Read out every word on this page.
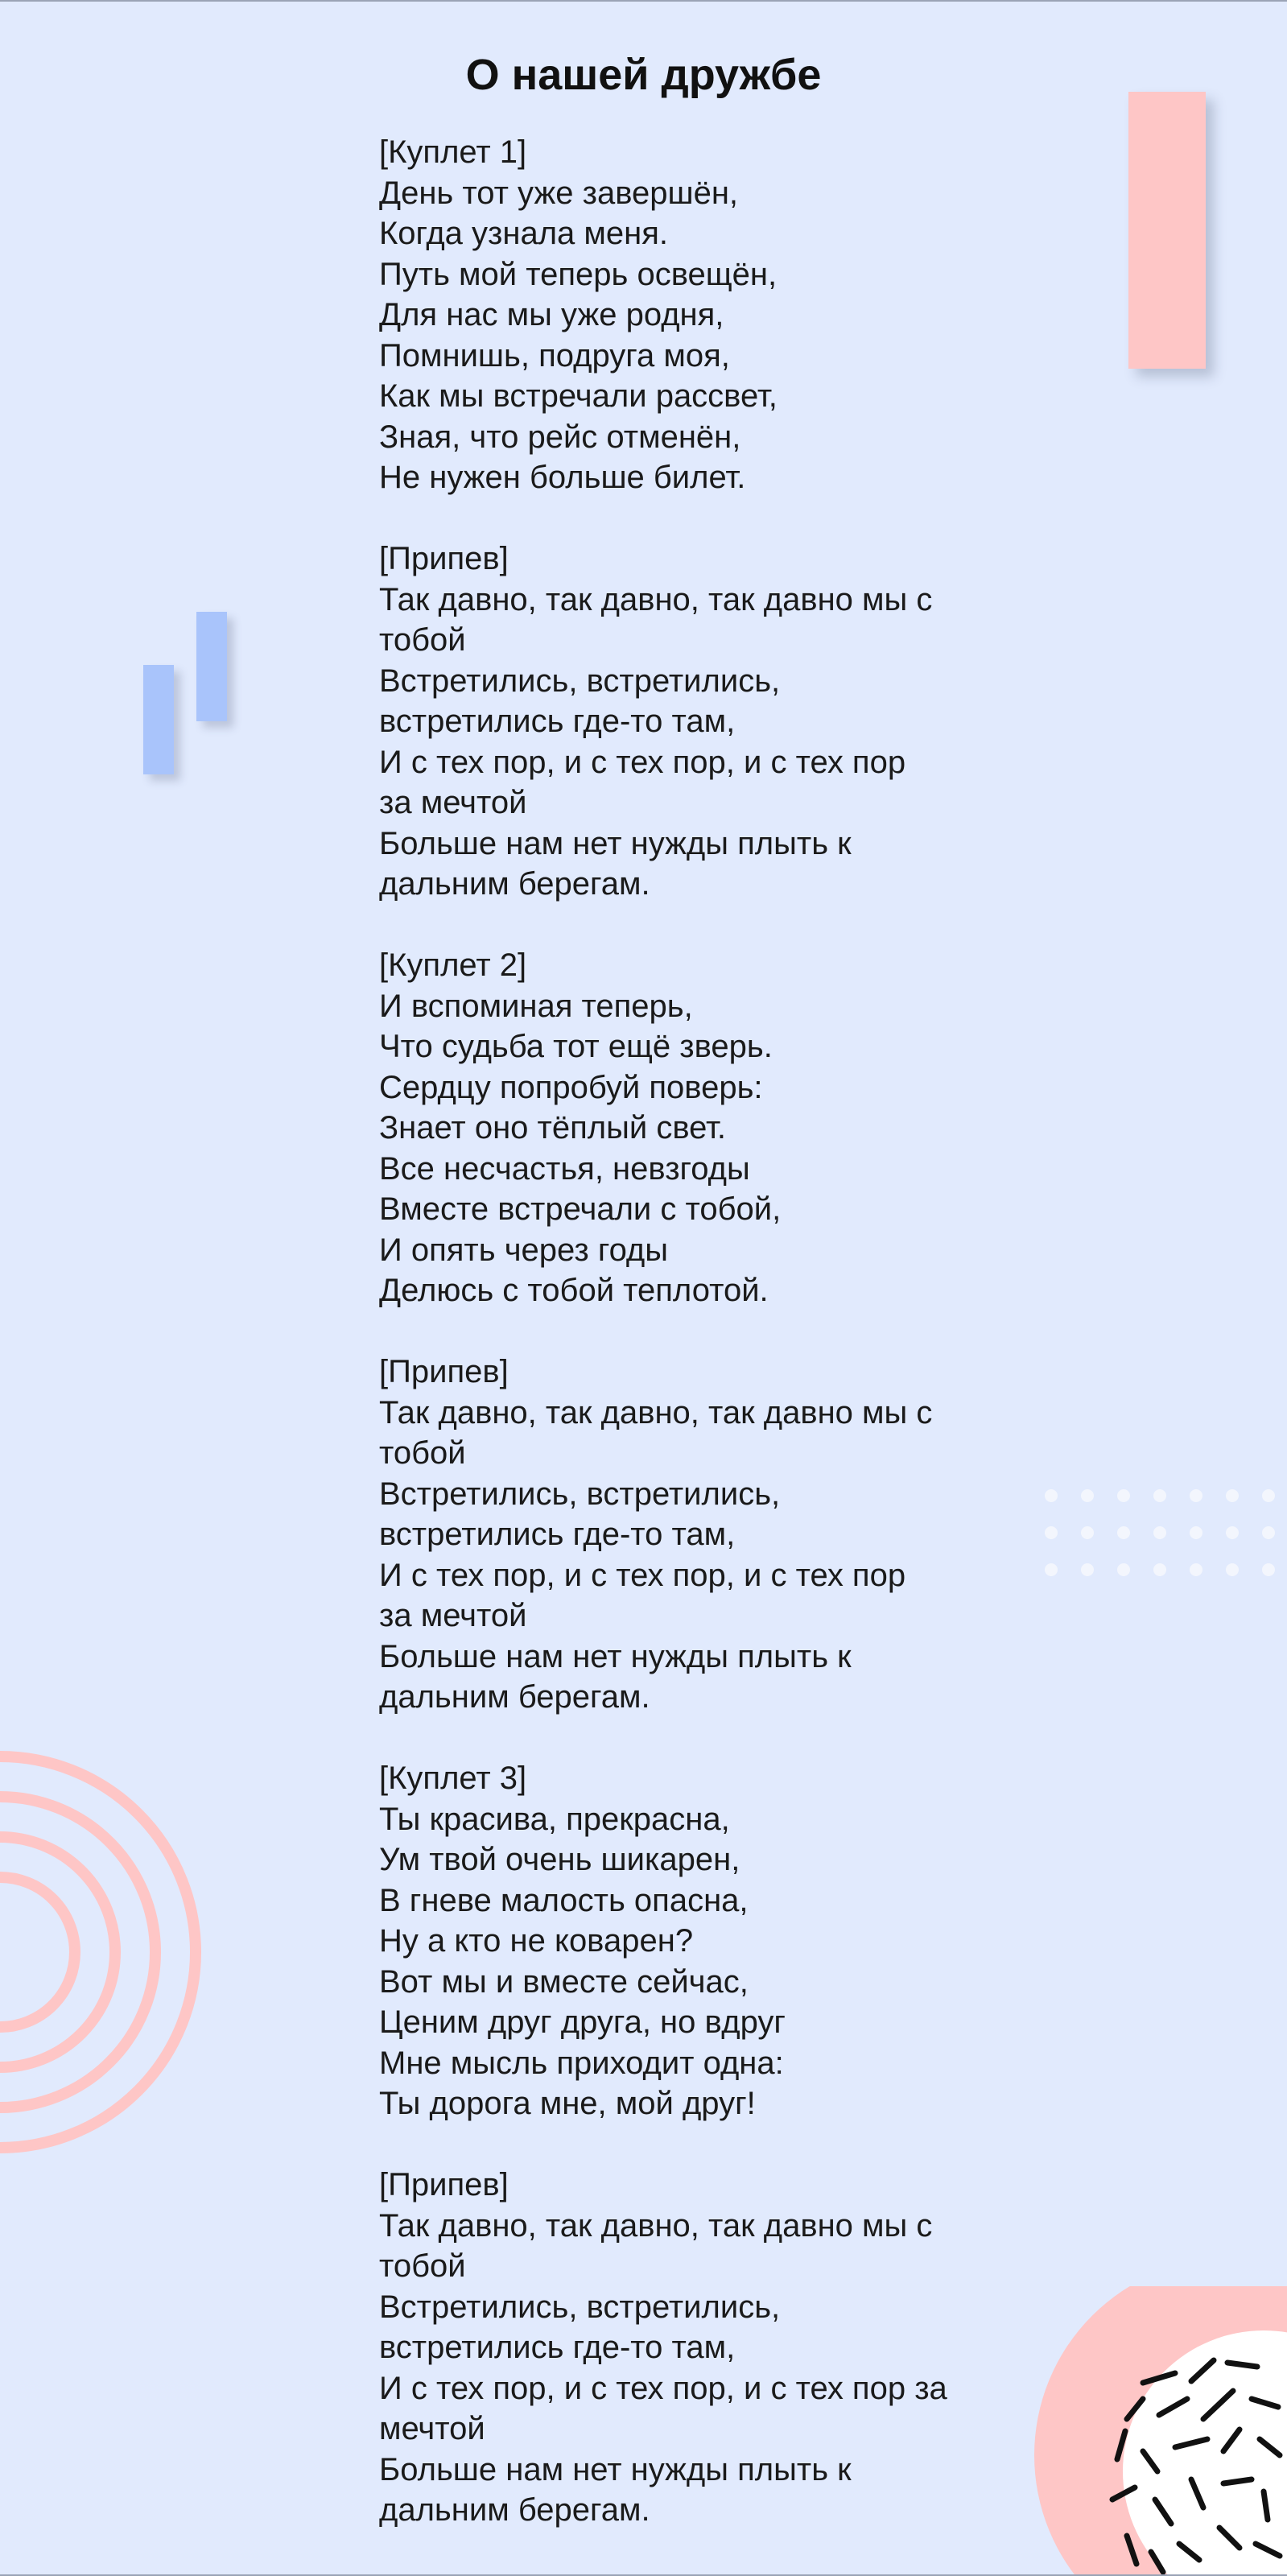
О нашей дружбе
[Куплет 1]
День тот уже завершён,
Когда узнала меня.
Путь мой теперь освещён,
Для нас мы уже родня,
Помнишь, подруга моя,
Как мы встречали рассвет,
Зная, что рейс отменён,
Не нужен больше билет.
[Припев]
Так давно, так давно, так давно мы с
тобой
Встретились, встретились,
встретились где-то там,
И с тех пор, и с тех пор, и с тех пор
за мечтой
Больше нам нет нужды плыть к
дальним берегам.
[Куплет 2]
И вспоминая теперь,
Что судьба тот ещё зверь.
Сердцу попробуй поверь:
Знает оно тёплый свет.
Все несчастья, невзгоды
Вместе встречали с тобой,
И опять через годы
Делюсь с тобой теплотой.
[Припев]
Так давно, так давно, так давно мы с
тобой
Встретились, встретились,
встретились где-то там,
И с тех пор, и с тех пор, и с тех пор
за мечтой
Больше нам нет нужды плыть к
дальним берегам.
[Куплет 3]
Ты красива, прекрасна,
Ум твой очень шикарен,
В гневе малость опасна,
Ну а кто не коварен?
Вот мы и вместе сейчас,
Ценим друг друга, но вдруг
Мне мысль приходит одна:
Ты дорога мне, мой друг!
[Припев]
Так давно, так давно, так давно мы с
тобой
Встретились, встретились,
встретились где-то там,
И с тех пор, и с тех пор, и с тех пор за
мечтой
Больше нам нет нужды плыть к
дальним берегам.
